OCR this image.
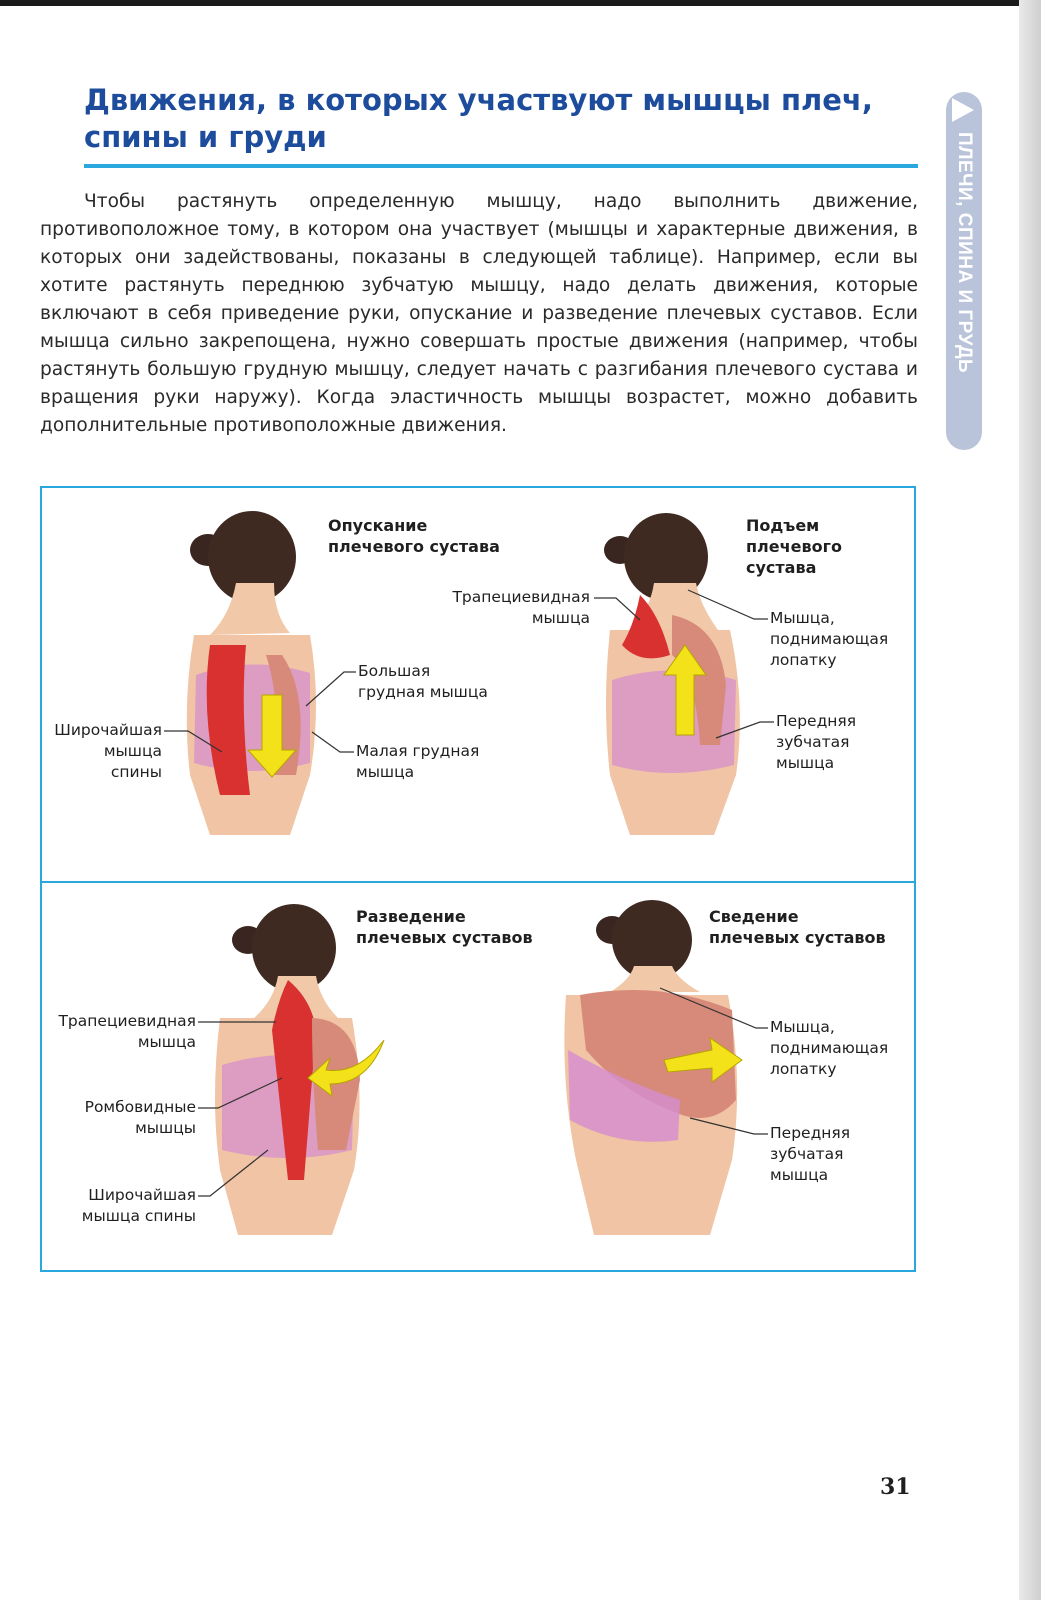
Движения, в которых участвуют мышцы плеч, спины и груди	ПЛЕЧИ, СПИНА И ГРУДЬ

Чтобы растянуть определенную мышцу, надо выполнить движение, противоположное тому, в котором она участвует (мышцы и характерные движения, в которых они задействованы, показаны в следующей таблице). Например, если вы хотите растянуть переднюю зубчатую мышцу, надо делать движения, которые включают в себя приведение руки, опускание и разведение плечевых суставов. Если мышца сильно закрепощена, нужно совершать простые движения (например, чтобы растянуть большую грудную мышцу, следует начать с разгибания плечевого сустава и вращения руки наружу). Когда эластичность мышцы возрастет, можно добавить дополнительные противоположные движения.

Опускание плечевого сустава

Подъем плечевого сустава

Разведение плечевых суставов

Сведение плечевых суставов

Большая грудная мышца

Широчайшая мышца спины

Малая грудная мышца

Трапециевидная мышца	Мышца, поднимающая лопатку

Передняя зубчатая мышца

Трапециевидная мышца

Ромбовидные мышцы

Широчайшая мышца спины

Мышца, поднимающая лопатку

Передняя зубчатая мышца

31
